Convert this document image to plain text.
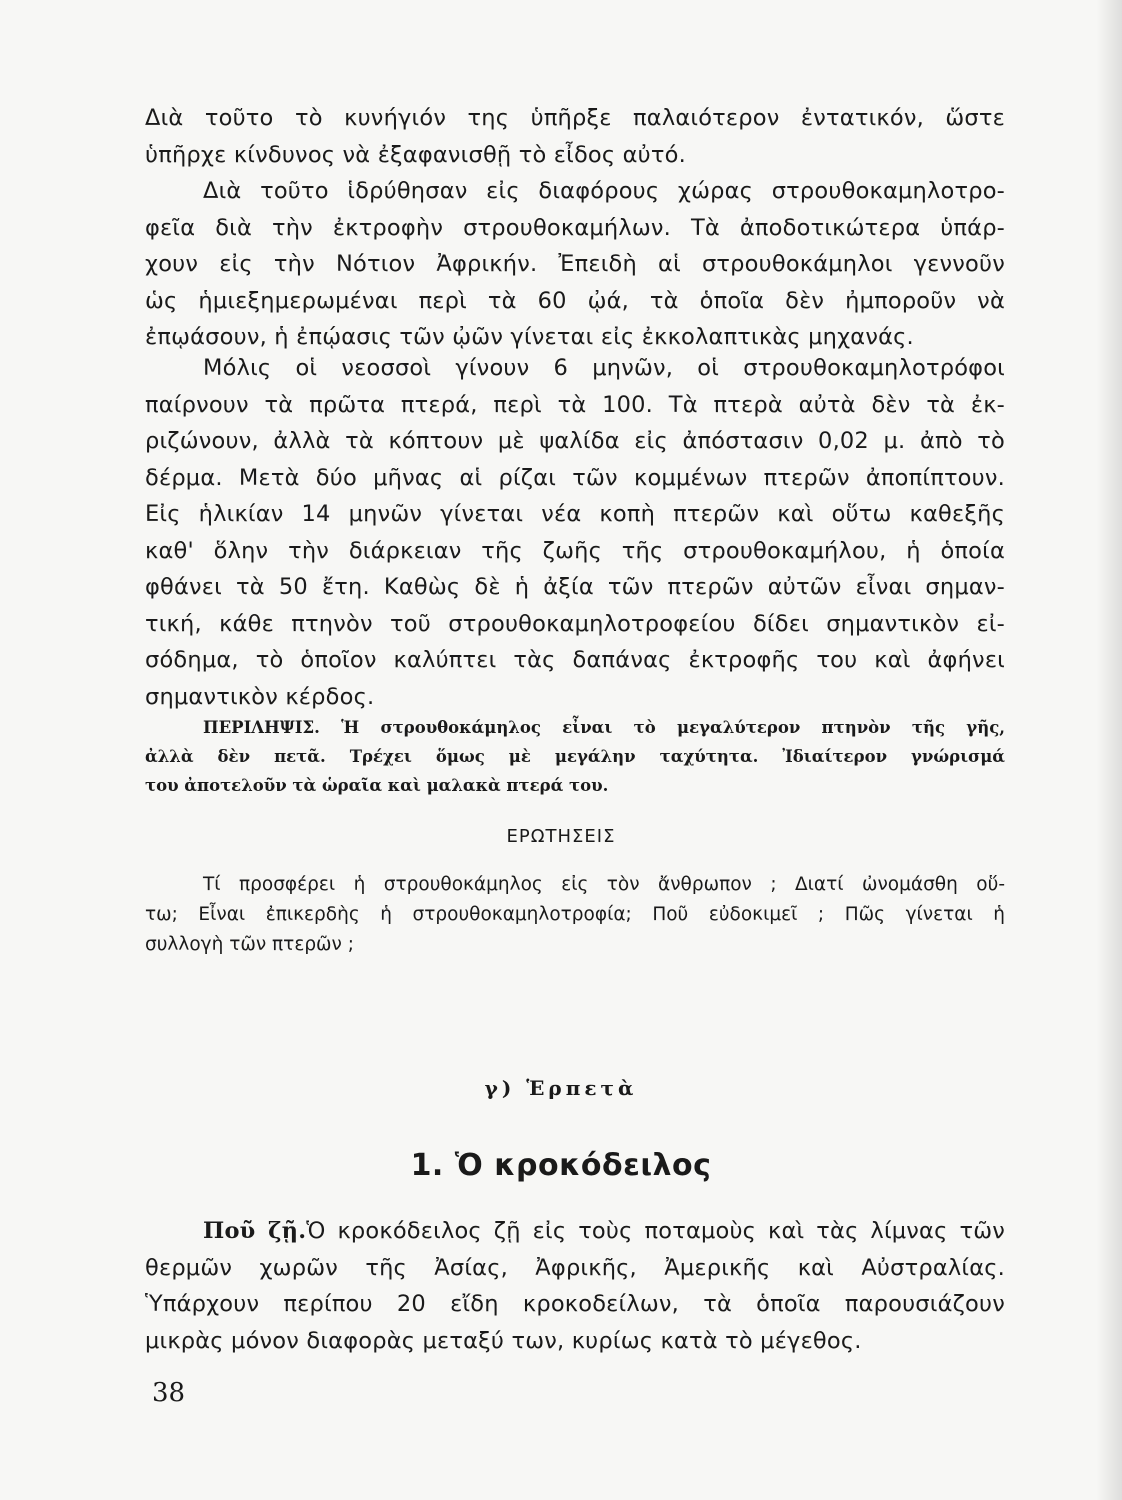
Διὰ τοῦτο τὸ κυνήγιόν της ὑπῆρξε παλαιότερον ἐντατικόν, ὥστε
ὑπῆρχε κίνδυνος νὰ ἐξαφανισθῇ τὸ εἶδος αὐτό.

Διὰ τοῦτο ἱδρύθησαν εἰς διαφόρους χώρας στρουθοκαμηλοτρο-
φεῖα διὰ τὴν ἐκτροφὴν στρουθοκαμήλων. Τὰ ἀποδοτικώτερα ὑπάρ-
χουν εἰς τὴν Νότιον Ἀφρικήν. Ἐπειδὴ αἱ στρουθοκάμηλοι γεννοῦν
ὡς ἡμιεξημερωμέναι περὶ τὰ 60 ᾠά, τὰ ὁποῖα δὲν ἠμποροῦν νὰ
ἐπῳάσουν, ἡ ἐπῴασις τῶν ᾠῶν γίνεται εἰς ἐκκολαπτικὰς μηχανάς.

Μόλις οἱ νεοσσοὶ γίνουν 6 μηνῶν, οἱ στρουθοκαμηλοτρόφοι
παίρνουν τὰ πρῶτα πτερά, περὶ τὰ 100. Τὰ πτερὰ αὐτὰ δὲν τὰ ἐκ-
ριζώνουν, ἀλλὰ τὰ κόπτουν μὲ ψαλίδα εἰς ἀπόστασιν 0,02 μ. ἀπὸ τὸ
δέρμα. Μετὰ δύο μῆνας αἱ ρίζαι τῶν κομμένων πτερῶν ἀποπίπτουν.
Εἰς ἡλικίαν 14 μηνῶν γίνεται νέα κοπὴ πτερῶν καὶ οὕτω καθεξῆς
καθ' ὅλην τὴν διάρκειαν τῆς ζωῆς τῆς στρουθοκαμήλου, ἡ ὁποία
φθάνει τὰ 50 ἔτη. Καθὼς δὲ ἡ ἀξία τῶν πτερῶν αὐτῶν εἶναι σημαν-
τική, κάθε πτηνὸν τοῦ στρουθοκαμηλοτροφείου δίδει σημαντικὸν εἰ-
σόδημα, τὸ ὁποῖον καλύπτει τὰς δαπάνας ἐκτροφῆς του καὶ ἀφήνει
σημαντικὸν κέρδος.

ΠΕΡΙΛΗΨΙΣ. Ἡ στρουθοκάμηλος εἶναι τὸ μεγαλύτερον πτηνὸν τῆς γῆς,
ἀλλὰ δὲν πετᾶ. Τρέχει ὅμως μὲ μεγάλην ταχύτητα. Ἰδιαίτερον γνώρισμά
του ἀποτελοῦν τὰ ὡραῖα καὶ μαλακὰ πτερά του.

ΕΡΩΤΗΣΕΙΣ

Τί προσφέρει ἡ στρουθοκάμηλος εἰς τὸν ἄνθρωπον ; Διατί ὠνομάσθη οὕ-
τω; Εἶναι ἐπικερδὴς ἡ στρουθοκαμηλοτροφία; Ποῦ εὐδοκιμεῖ ; Πῶς γίνεται ἡ
συλλογὴ τῶν πτερῶν ;

γ) Ἑρπετὰ
1. Ὁ κροκόδειλος

Ποῦ ζῇ.Ὁ κροκόδειλος ζῇ εἰς τοὺς ποταμοὺς καὶ τὰς λίμνας τῶν
θερμῶν χωρῶν τῆς Ἀσίας, Ἀφρικῆς, Ἀμερικῆς καὶ Αὐστραλίας.
Ὑπάρχουν περίπου 20 εἴδη κροκοδείλων, τὰ ὁποῖα παρουσιάζουν
μικρὰς μόνον διαφορὰς μεταξύ των, κυρίως κατὰ τὸ μέγεθος.

38
